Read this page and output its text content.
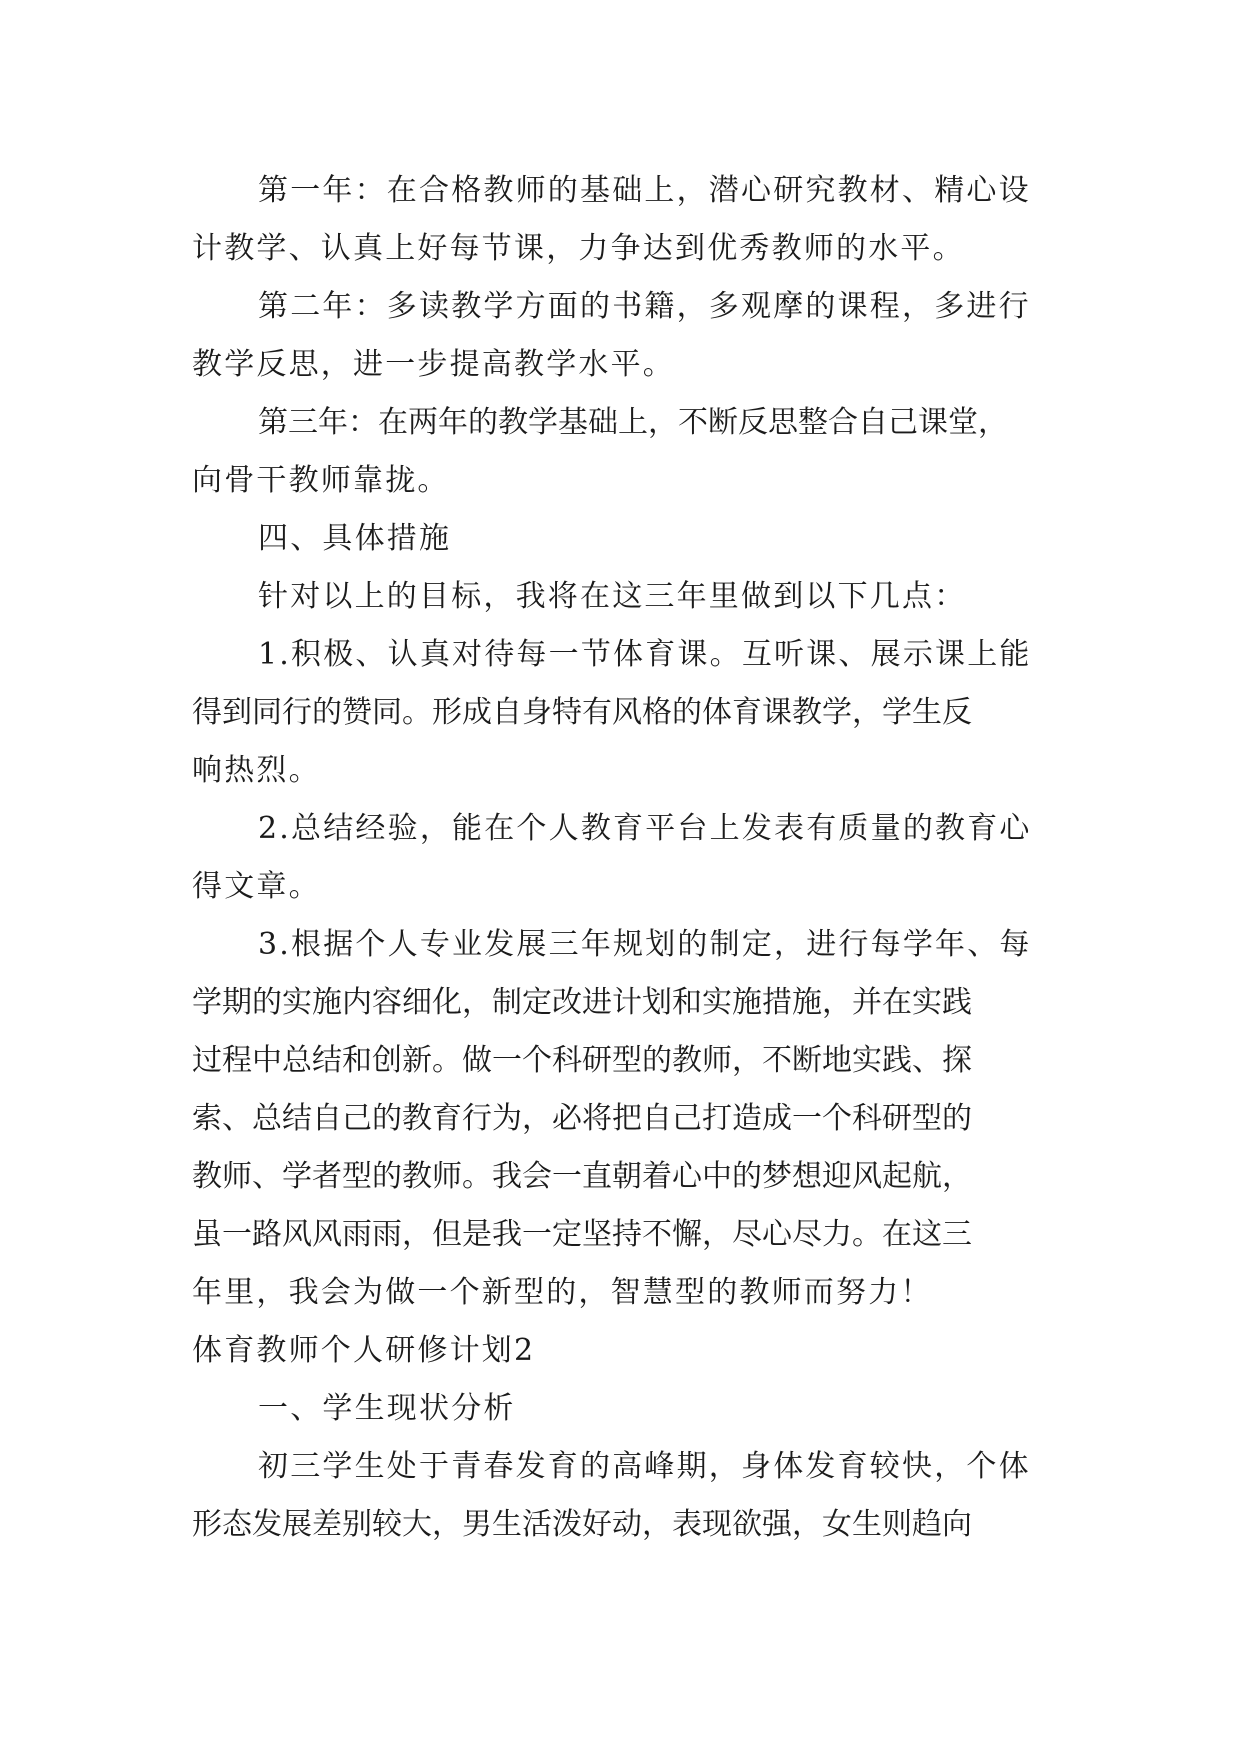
第一年：在合格教师的基础上，潜心研究教材、精心设
计教学、认真上好每节课，力争达到优秀教师的水平。
第二年：多读教学方面的书籍，多观摩的课程，多进行
教学反思，进一步提高教学水平。
第三年：在两年的教学基础上，不断反思整合自己课堂，
向骨干教师靠拢。
四、具体措施
针对以上的目标，我将在这三年里做到以下几点：
1.积极、认真对待每一节体育课。互听课、展示课上能
得到同行的赞同。形成自身特有风格的体育课教学，学生反
响热烈。
2.总结经验，能在个人教育平台上发表有质量的教育心
得文章。
3.根据个人专业发展三年规划的制定，进行每学年、每
学期的实施内容细化，制定改进计划和实施措施，并在实践
过程中总结和创新。做一个科研型的教师，不断地实践、探
索、总结自己的教育行为，必将把自己打造成一个科研型的
教师、学者型的教师。我会一直朝着心中的梦想迎风起航，
虽一路风风雨雨，但是我一定坚持不懈，尽心尽力。在这三
年里，我会为做一个新型的，智慧型的教师而努力！
体育教师个人研修计划2
一、学生现状分析
初三学生处于青春发育的高峰期，身体发育较快，个体
形态发展差别较大，男生活泼好动，表现欲强，女生则趋向
